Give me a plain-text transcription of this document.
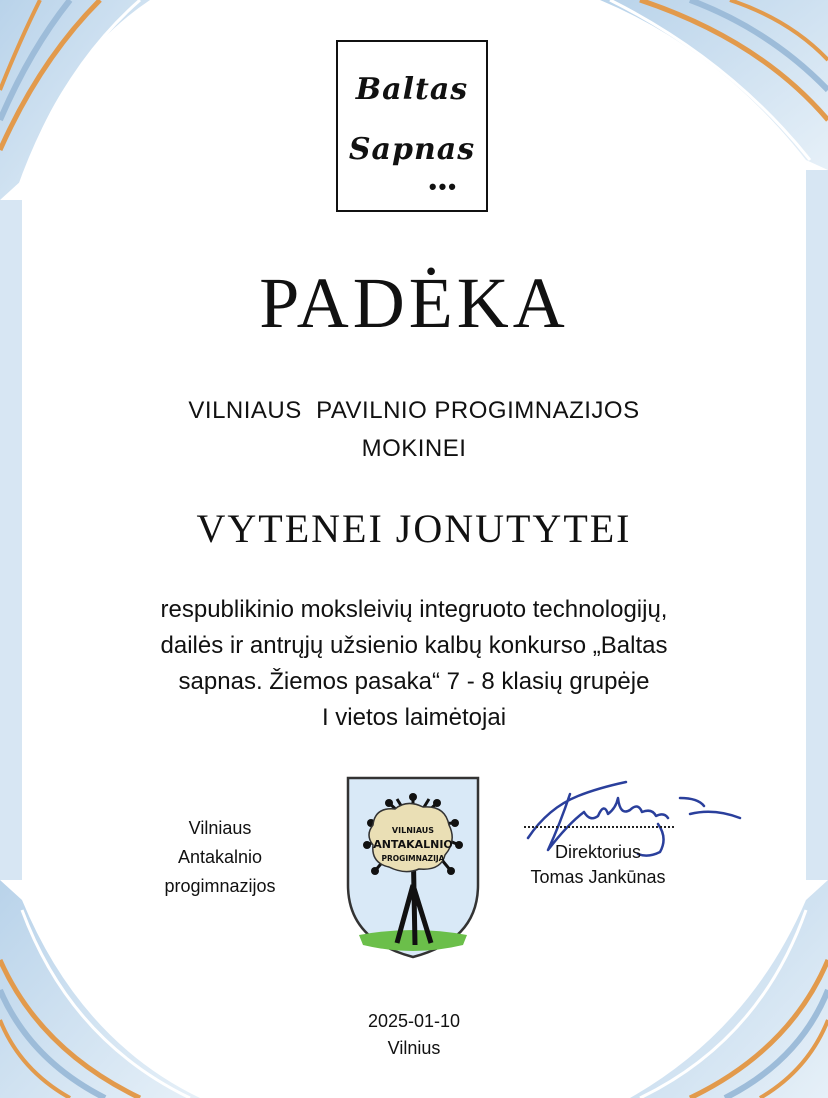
Baltas
Sapnas
•••
PADĖKA
VILNIAUS  PAVILNIO PROGIMNAZIJOS
MOKINEI
VYTENEI JONUTYTEI
respublikinio moksleivių integruoto technologijų,
dailės ir antrųjų užsienio kalbų konkurso „Baltas
sapnas. Žiemos pasaka“ 7 - 8 klasių grupėje
I vietos laimėtojai
Vilniaus
Antakalnio
progimnazijos
VILNIAUS
ANTAKALNIO
PROGIMNAZIJA	Direktorius
Tomas Jankūnas
2025-01-10
Vilnius
